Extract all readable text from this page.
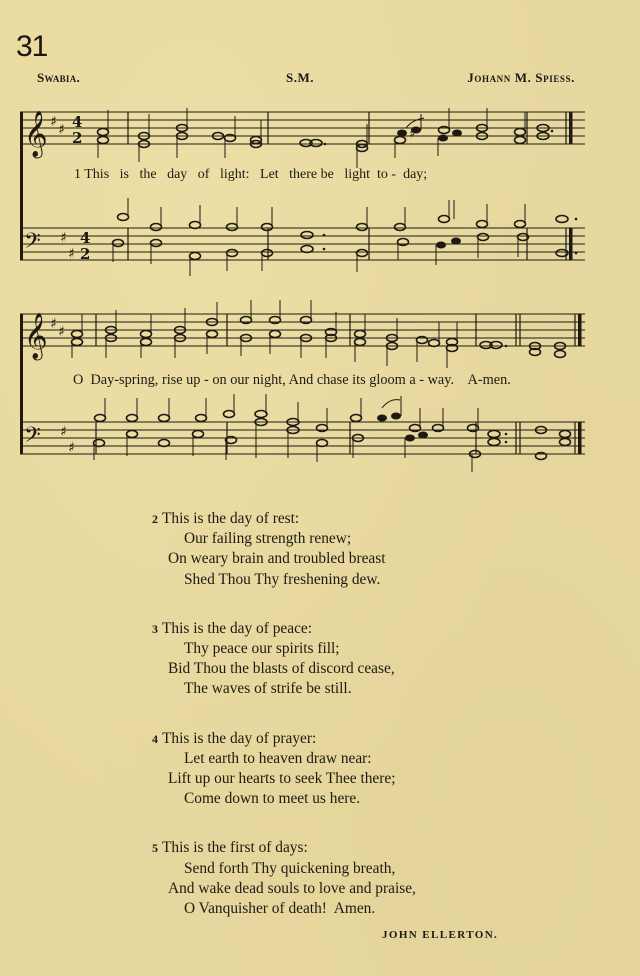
31
Swabia.	S.M.	Johann M. Spiess.
𝄞 ♯ ♯ 4
2
𝄢 ♯
♯
4
2
♯
1 This   is   the   day   of   light:   Let   there be   light  to -  day;
𝄞 ♯ ♯
𝄢 ♯
♯
O  Day-spring, rise up - on our night, And chase its gloom a - way.    A-men.
2 This is the day of rest:
Our failing strength renew;
On weary brain and troubled breast
Shed Thou Thy freshening dew.
3 This is the day of peace:
Thy peace our spirits fill;
Bid Thou the blasts of discord cease,
The waves of strife be still.
4 This is the day of prayer:
Let earth to heaven draw near:
Lift up our hearts to seek Thee there;
Come down to meet us here.
5 This is the first of days:
Send forth Thy quickening breath,
And wake dead souls to love and praise,
O Vanquisher of death!  Amen.
JOHN ELLERTON.
